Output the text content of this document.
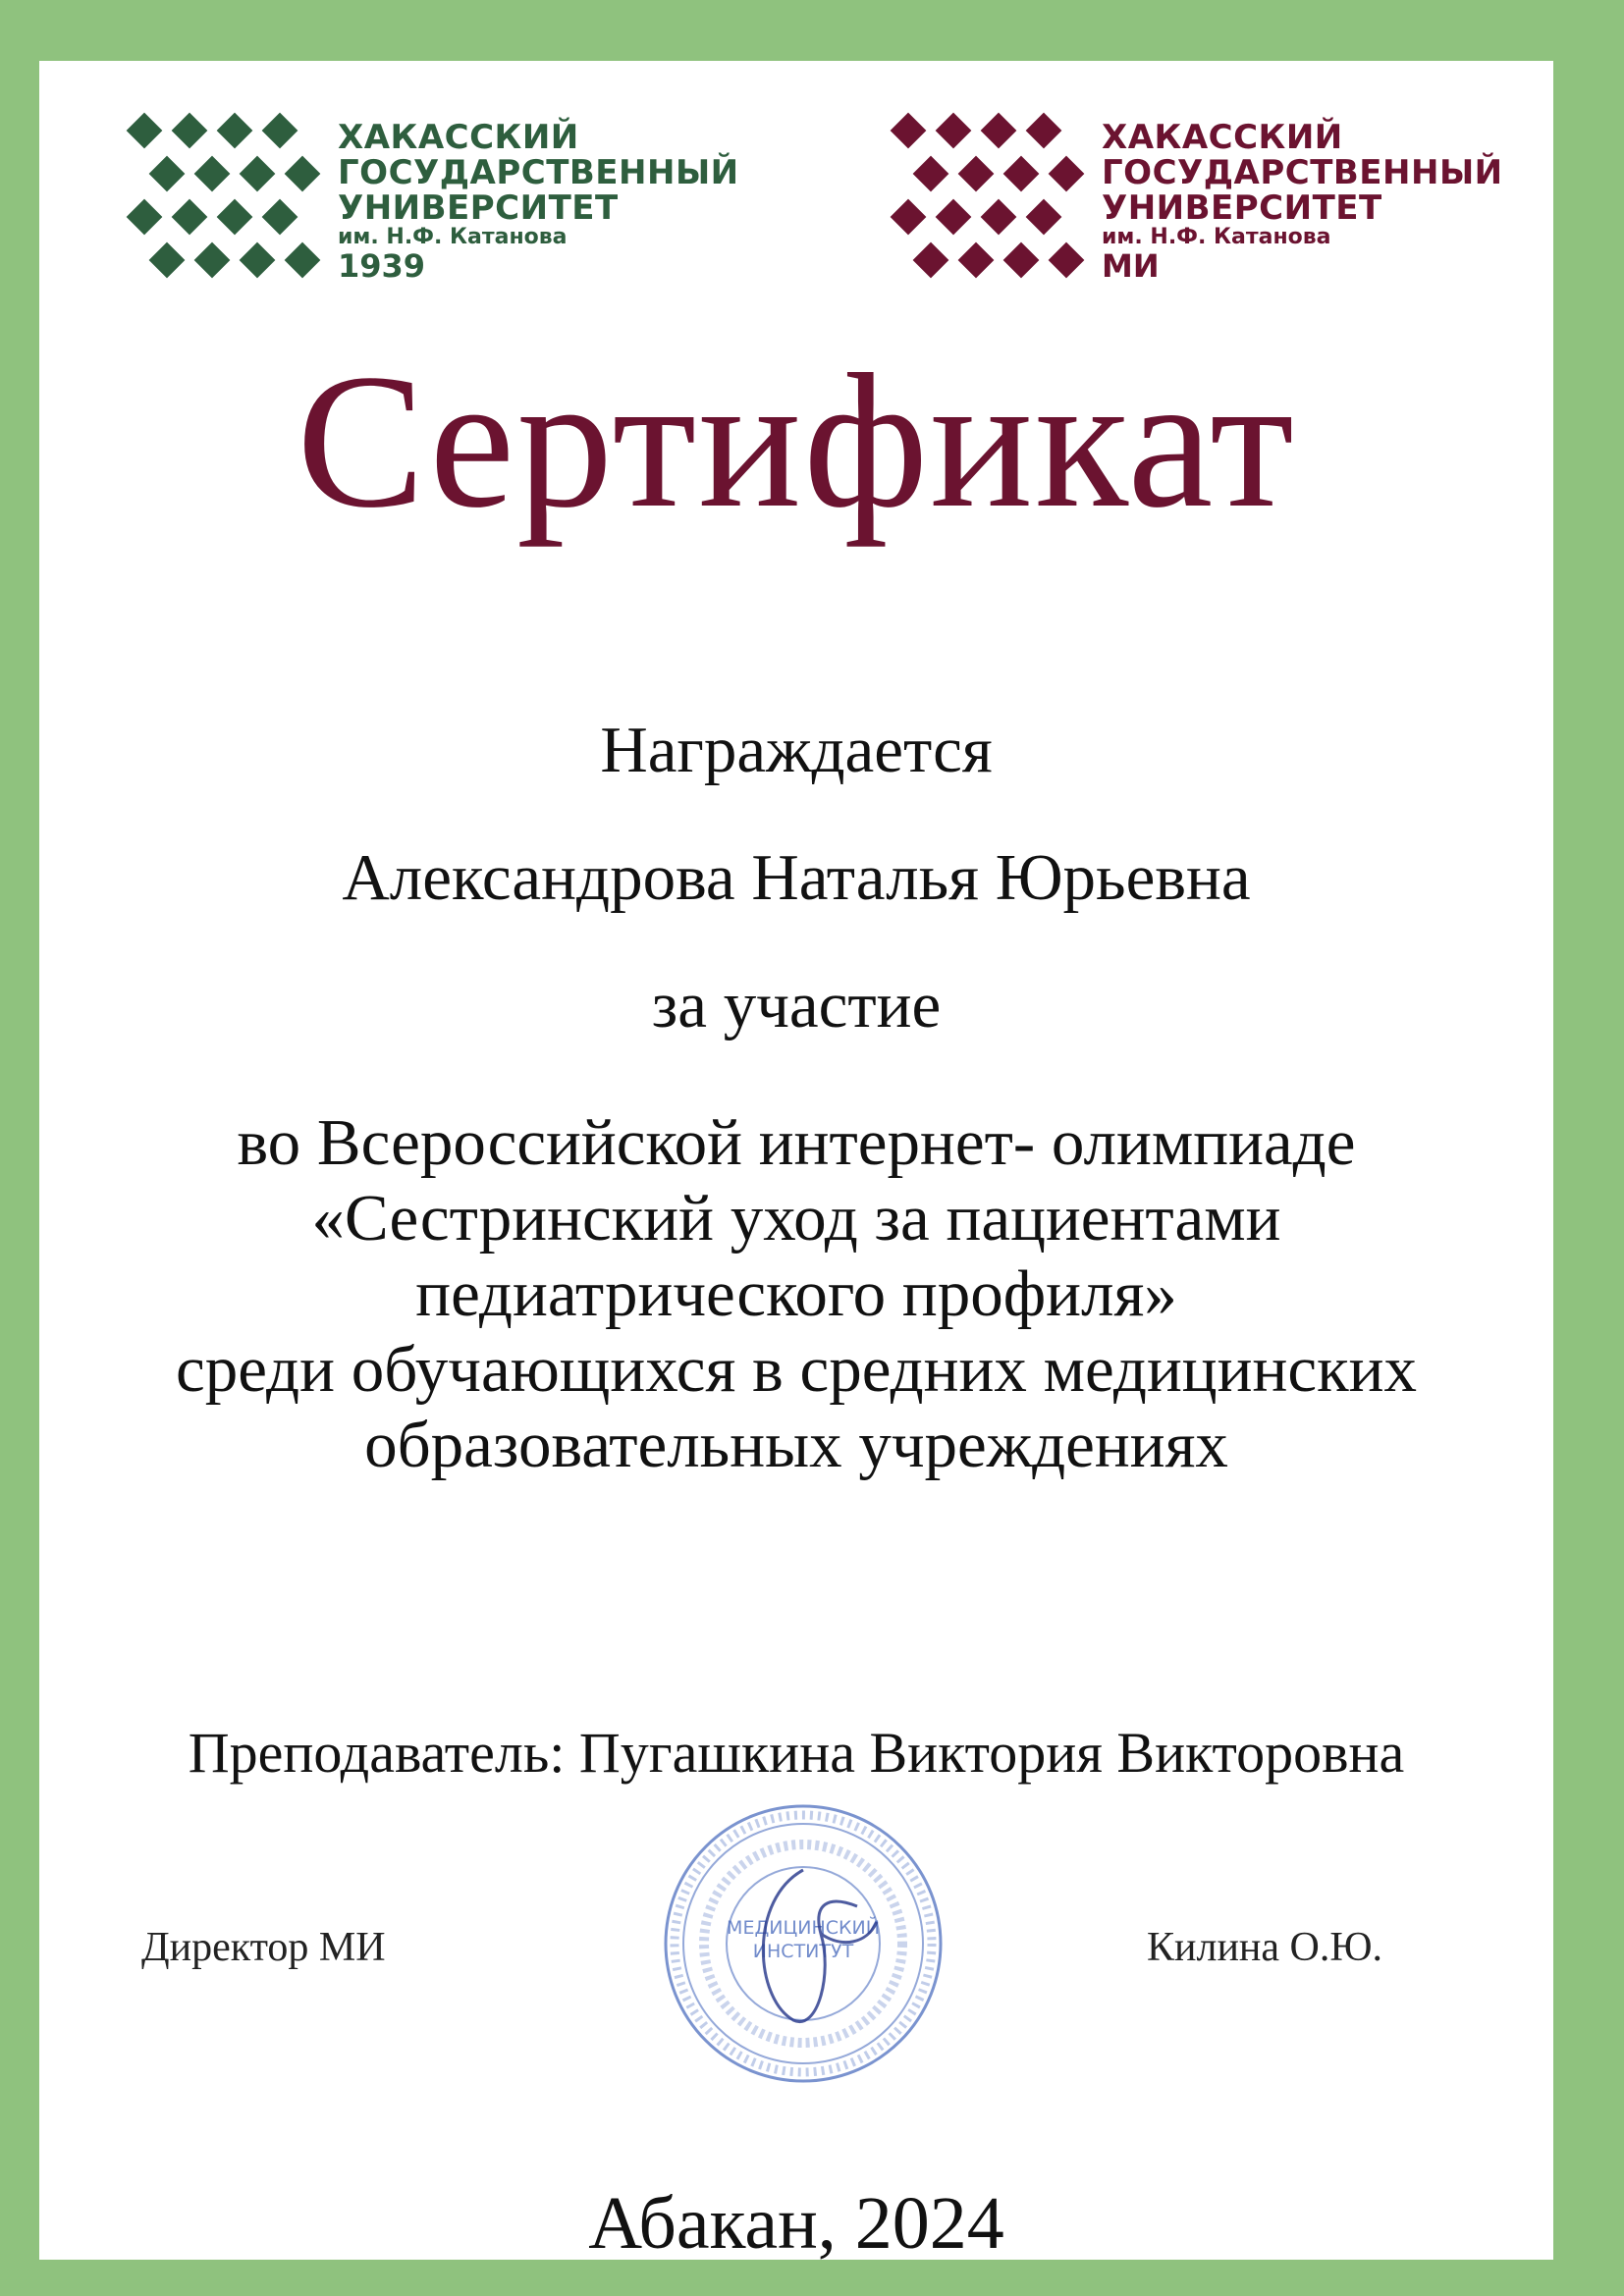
ХАКАССКИЙ
ГОСУДАРСТВЕННЫЙ
УНИВЕРСИТЕТ
им. Н.Ф. Катанова
1939
ХАКАССКИЙ
ГОСУДАРСТВЕННЫЙ
УНИВЕРСИТЕТ
им. Н.Ф. Катанова
МИ
Сертификат
Награждается
Александрова Наталья Юрьевна
за участие
во Всероссийской интернет- олимпиаде
«Сестринский уход за пациентами
педиатрического профиля»
среди обучающихся в средних медицинских
образовательных учреждениях
Преподаватель: Пугашкина Виктория Викторовна
Директор МИ	МЕДИЦИНСКИЙ
ИНСТИТУТ	Килина О.Ю.
Абакан, 2024
